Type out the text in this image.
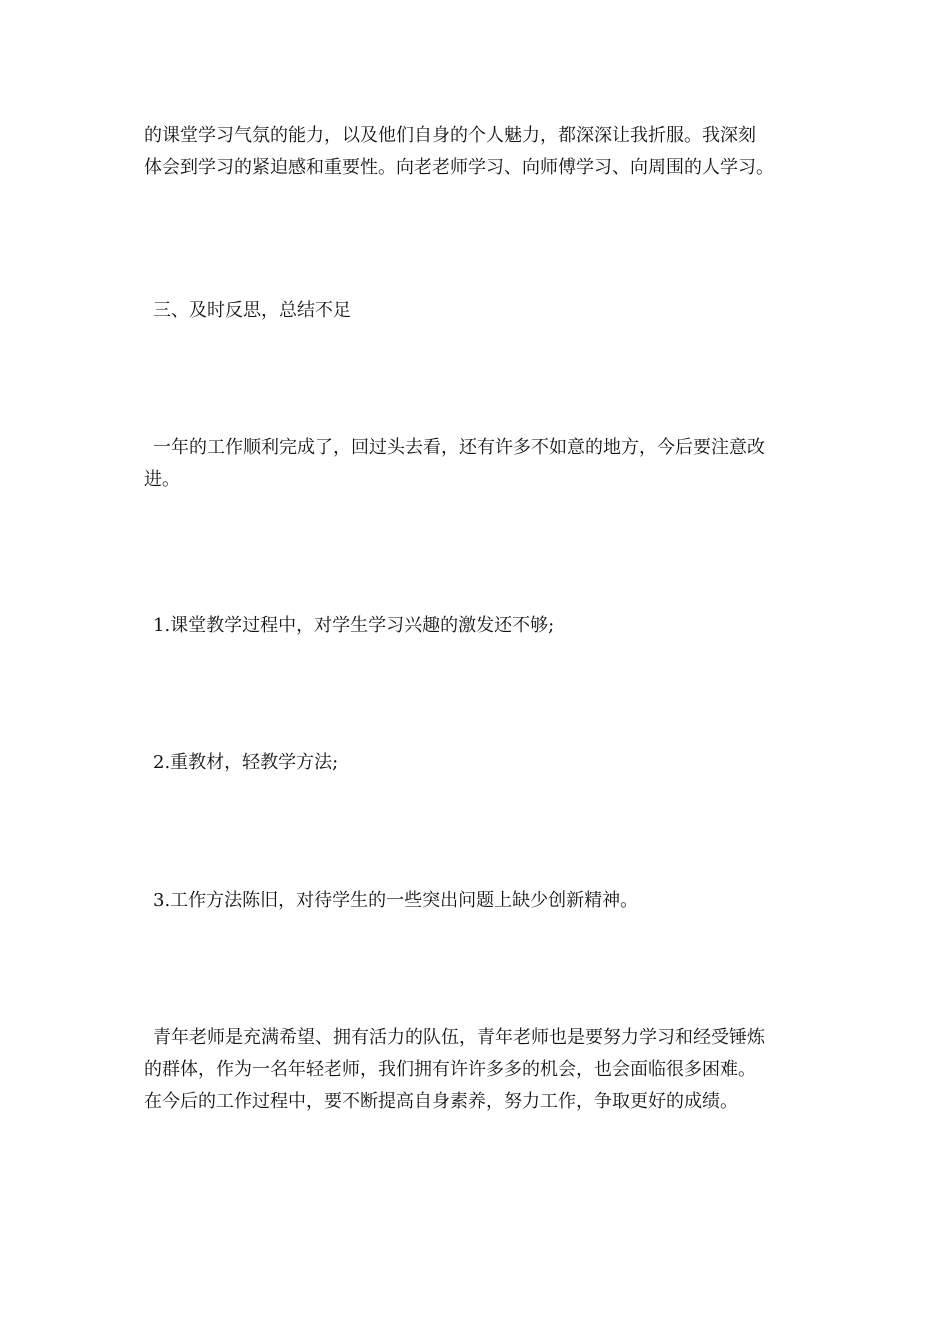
的课堂学习气氛的能力，以及他们自身的个人魅力，都深深让我折服。我深刻
体会到学习的紧迫感和重要性。向老老师学习、向师傅学习、向周围的人学习。

三、及时反思，总结不足

一年的工作顺利完成了，回过头去看，还有许多不如意的地方，今后要注意改
进。

1.课堂教学过程中，对学生学习兴趣的激发还不够;

2.重教材，轻教学方法;

3.工作方法陈旧，对待学生的一些突出问题上缺少创新精神。

青年老师是充满希望、拥有活力的队伍，青年老师也是要努力学习和经受锤炼
的群体，作为一名年轻老师，我们拥有许许多多的机会，也会面临很多困难。
在今后的工作过程中，要不断提高自身素养，努力工作，争取更好的成绩。
